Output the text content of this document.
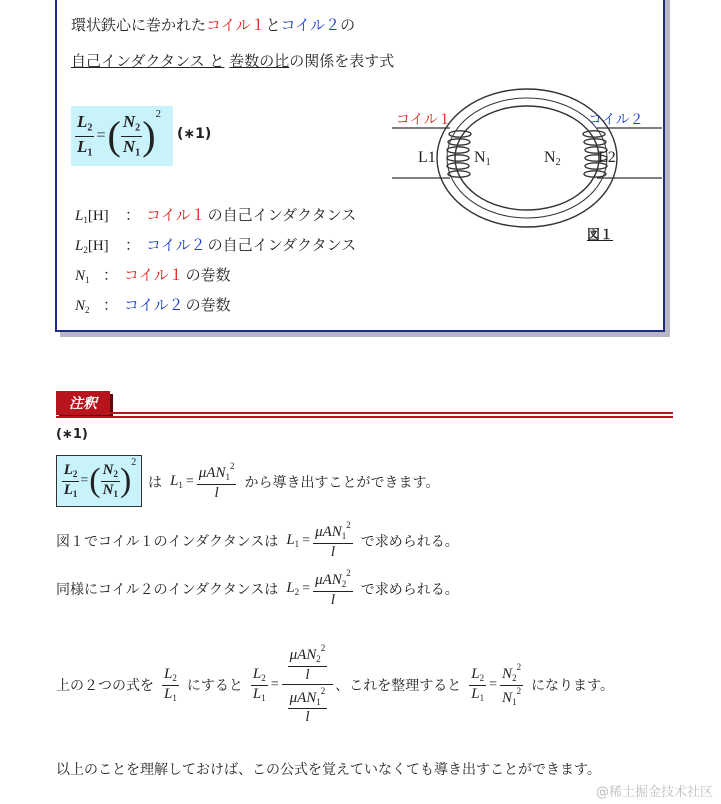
環状鉄心に巻かれたコイル１とコイル２の
自己インダクタンス と 巻数の比の関係を表す式
$\frac{L_2}{L_1}$ = ( $\frac{N_2}{N_1}$ ) 2
(∗1)
$L_1[H]$	： コイル１ の自己インダクタンス
$L_2[H]$	： コイル２ の自己インダクタンス
$N_1$ ： コイル１ の巻数
$N_2$ ： コイル２ の巻数
コイル１	コイル２
L1 N1	N2 L2
図１
注釈
(∗1)
$\frac{L_2}{L_1}$ = ( $\frac{N_2}{N_1}$ ) 2
は $L_1 = \frac{\mu AN_1^2}{l}$ から導き出すことができます。
図１でコイル１のインダクタンスは $L_1 = \frac{\mu AN_1^2}{l}$ で求められる。
同様にコイル２のインダクタンスは $L_2 = \frac{\mu AN_2^2}{l}$ で求められる。
上の２つの式を $\frac{L_2}{L_1}$ にすると $\frac{L_2}{L_1} = \frac{\frac{\mu AN_2^2}{l}}{\frac{\mu AN_1^2}{l}}$ 、これを整理すると $\frac{L_2}{L_1} = \frac{N_2^2}{N_1^2}$ になります。
以上のことを理解しておけば、この公式を覚えていなくても導き出すことができます。
@稀土掘金技术社区
